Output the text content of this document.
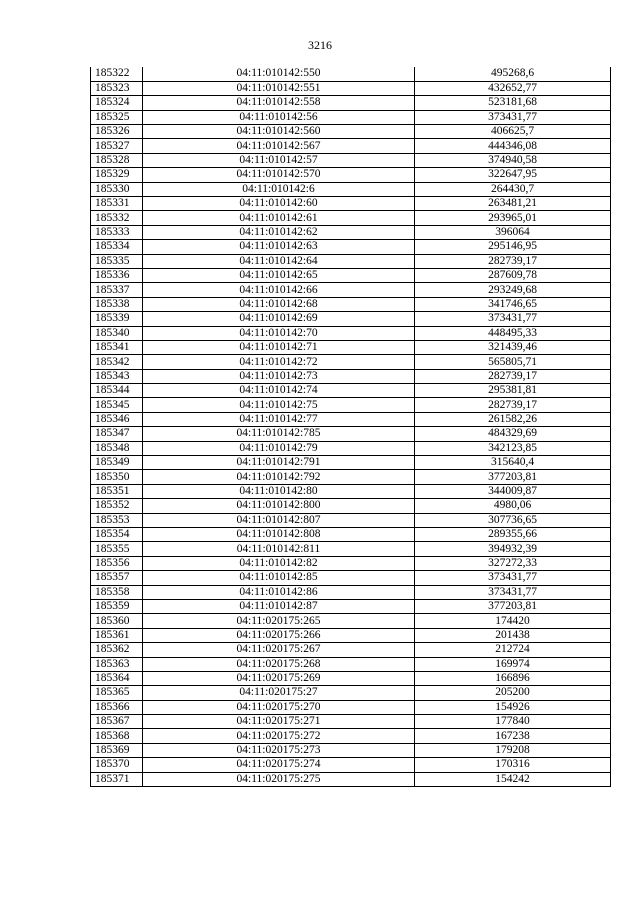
3216
185322	04:11:010142:550	495268,6
185323	04:11:010142:551	432652,77
185324	04:11:010142:558	523181,68
185325	04:11:010142:56	373431,77
185326	04:11:010142:560	406625,7
185327	04:11:010142:567	444346,08
185328	04:11:010142:57	374940,58
185329	04:11:010142:570	322647,95
185330	04:11:010142:6	264430,7
185331	04:11:010142:60	263481,21
185332	04:11:010142:61	293965,01
185333	04:11:010142:62	396064
185334	04:11:010142:63	295146,95
185335	04:11:010142:64	282739,17
185336	04:11:010142:65	287609,78
185337	04:11:010142:66	293249,68
185338	04:11:010142:68	341746,65
185339	04:11:010142:69	373431,77
185340	04:11:010142:70	448495,33
185341	04:11:010142:71	321439,46
185342	04:11:010142:72	565805,71
185343	04:11:010142:73	282739,17
185344	04:11:010142:74	295381,81
185345	04:11:010142:75	282739,17
185346	04:11:010142:77	261582,26
185347	04:11:010142:785	484329,69
185348	04:11:010142:79	342123,85
185349	04:11:010142:791	315640,4
185350	04:11:010142:792	377203,81
185351	04:11:010142:80	344009,87
185352	04:11:010142:800	4980,06
185353	04:11:010142:807	307736,65
185354	04:11:010142:808	289355,66
185355	04:11:010142:811	394932,39
185356	04:11:010142:82	327272,33
185357	04:11:010142:85	373431,77
185358	04:11:010142:86	373431,77
185359	04:11:010142:87	377203,81
185360	04:11:020175:265	174420
185361	04:11:020175:266	201438
185362	04:11:020175:267	212724
185363	04:11:020175:268	169974
185364	04:11:020175:269	166896
185365	04:11:020175:27	205200
185366	04:11:020175:270	154926
185367	04:11:020175:271	177840
185368	04:11:020175:272	167238
185369	04:11:020175:273	179208
185370	04:11:020175:274	170316
185371	04:11:020175:275	154242
